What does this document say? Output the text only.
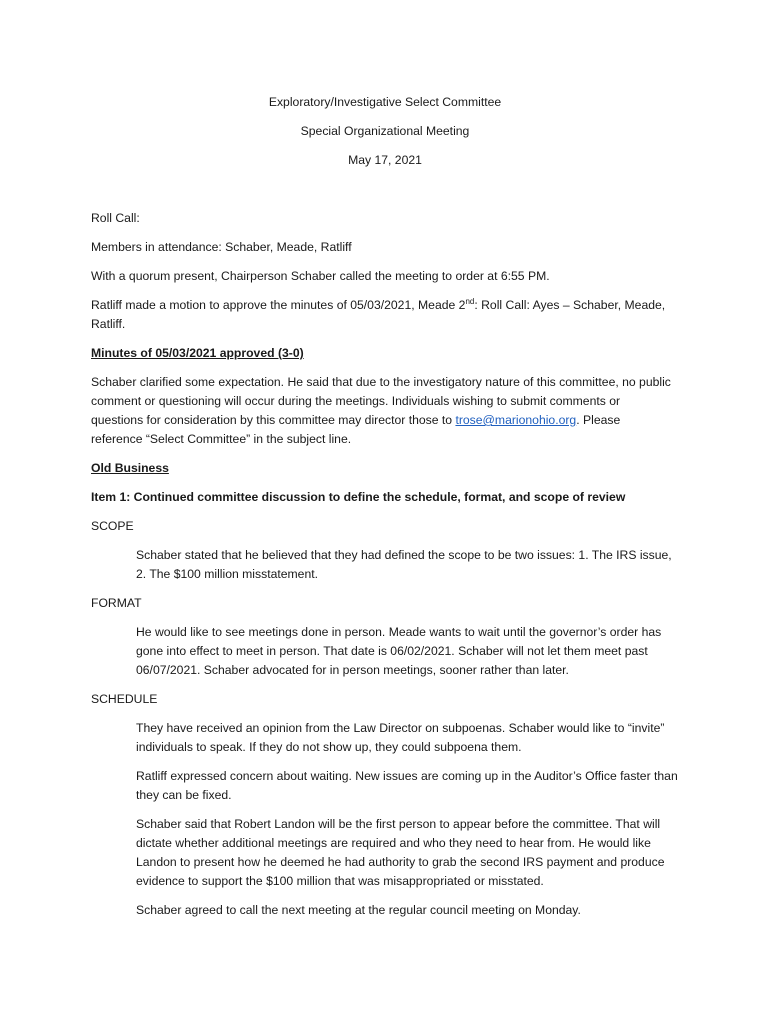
Exploratory/Investigative Select Committee
Special Organizational Meeting
May 17, 2021
Roll Call:
Members in attendance: Schaber, Meade, Ratliff
With a quorum present, Chairperson Schaber called the meeting to order at 6:55 PM.
Ratliff made a motion to approve the minutes of 05/03/2021, Meade 2nd: Roll Call: Ayes – Schaber, Meade, Ratliff.
Minutes of 05/03/2021 approved (3-0)
Schaber clarified some expectation. He said that due to the investigatory nature of this committee, no public comment or questioning will occur during the meetings. Individuals wishing to submit comments or questions for consideration by this committee may director those to trose@marionohio.org. Please reference “Select Committee” in the subject line.
Old Business
Item 1: Continued committee discussion to define the schedule, format, and scope of review
SCOPE
Schaber stated that he believed that they had defined the scope to be two issues: 1. The IRS issue, 2. The $100 million misstatement.
FORMAT
He would like to see meetings done in person. Meade wants to wait until the governor’s order has gone into effect to meet in person. That date is 06/02/2021. Schaber will not let them meet past 06/07/2021. Schaber advocated for in person meetings, sooner rather than later.
SCHEDULE
They have received an opinion from the Law Director on subpoenas. Schaber would like to “invite” individuals to speak. If they do not show up, they could subpoena them.
Ratliff expressed concern about waiting. New issues are coming up in the Auditor’s Office faster than they can be fixed.
Schaber said that Robert Landon will be the first person to appear before the committee. That will dictate whether additional meetings are required and who they need to hear from. He would like Landon to present how he deemed he had authority to grab the second IRS payment and produce evidence to support the $100 million that was misappropriated or misstated.
Schaber agreed to call the next meeting at the regular council meeting on Monday.
